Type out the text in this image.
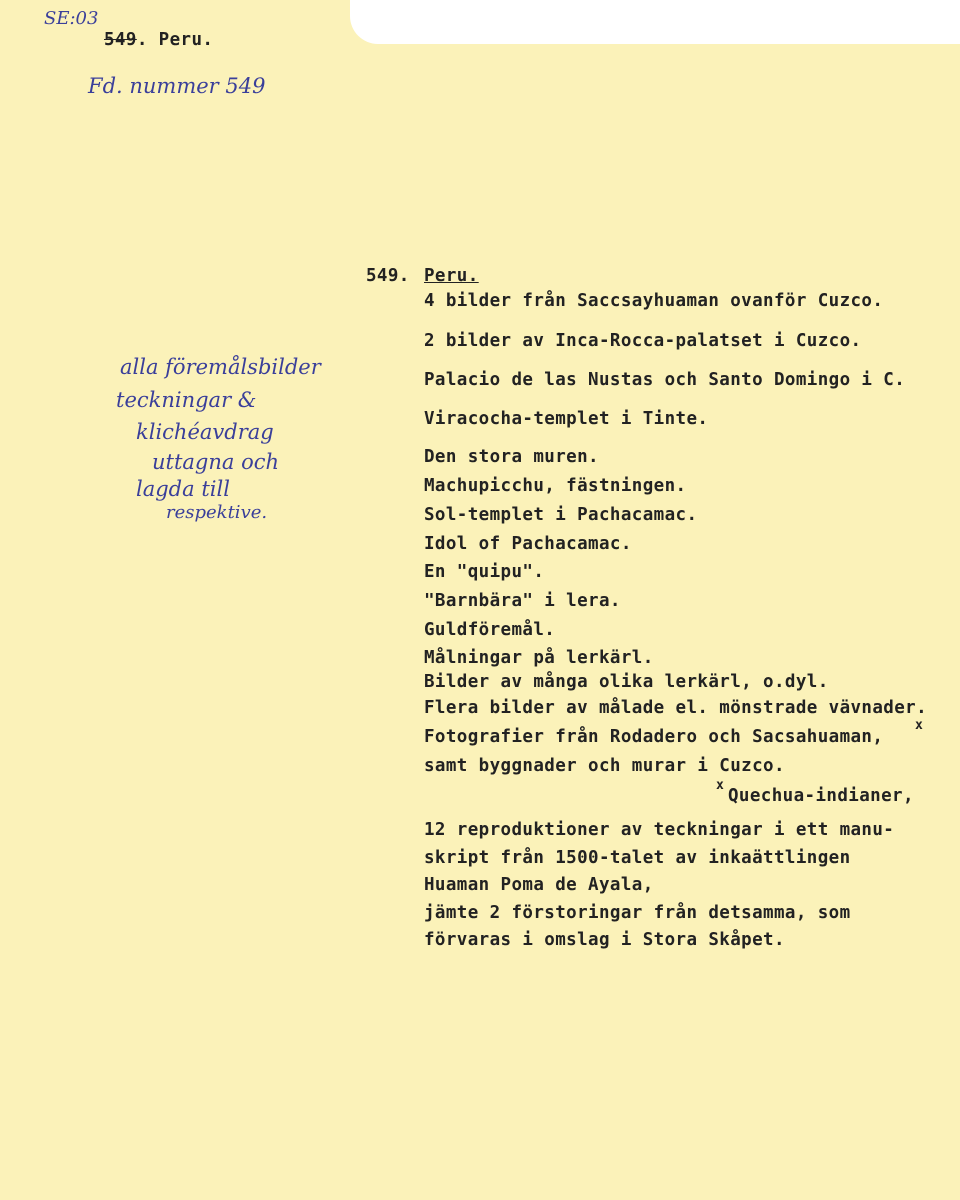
SE:03
549. Peru.
Fd. nummer 549
alla föremålsbilder
teckningar &
klichéavdrag
uttagna och
lagda till
respektive.
549. Peru.
4 bilder från Saccsayhuaman ovanför Cuzco.
2 bilder av Inca-Rocca-palatset i Cuzco.
Palacio de las Nustas och Santo Domingo i C.
Viracocha-templet i Tinte.
Den stora muren.
Machupicchu, fästningen.
Sol-templet i Pachacamac.
Idol of Pachacamac.
En "quipu".
"Barnbära" i lera.
Guldföremål.
Målningar på lerkärl.
Bilder av många olika lerkärl, o.dyl.
Flera bilder av målade el. mönstrade vävnader.
Fotografier från Rodadero och Sacsahuaman,
x
samt byggnader och murar i Cuzco.
x
Quechua-indianer,
12 reproduktioner av teckningar i ett manu-
skript från 1500-talet av inkaättlingen
Huaman Poma de Ayala,
jämte 2 förstoringar från detsamma, som
förvaras i omslag i Stora Skåpet.
